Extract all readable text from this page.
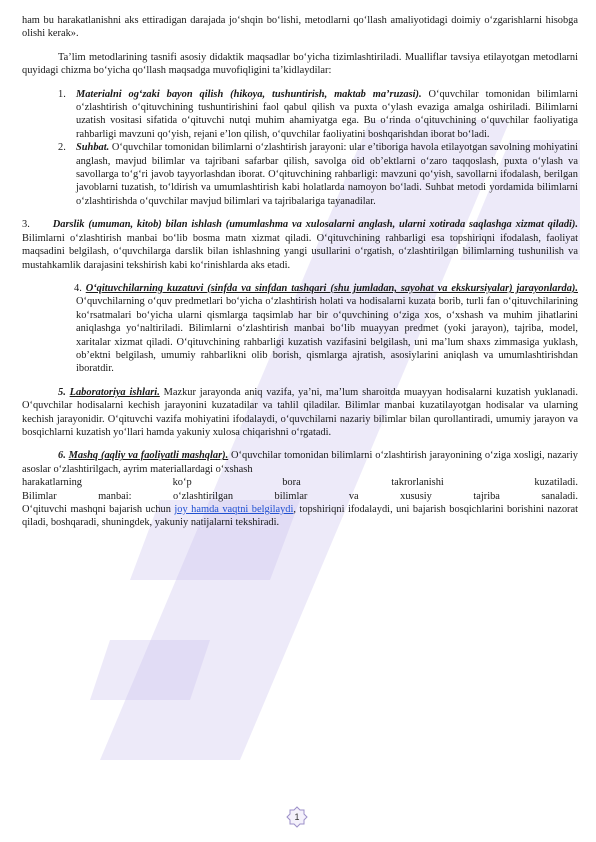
ham bu harakatlanishni aks ettiradigan darajada jo‘shqin bo‘lishi, metodlarni qo‘llash amaliyotidagi doimiy o‘zgarishlarni hisobga olishi kerak».

Ta’lim metodlarining tasnifi asosiy didaktik maqsadlar bo‘yicha tizimlashtiriladi. Mualliflar tavsiya etilayotgan metodlarni quyidagi chizma bo‘yicha qo‘llash maqsadga muvofiqligini ta’kidlaydilar:

1. Materialni og‘zaki bayon qilish (hikoya, tushuntirish, maktab ma’ruzasi). O‘quvchilar tomonidan bilimlarni o‘zlashtirish o‘qituvchining tushuntirishini faol qabul qilish va puxta o‘ylash evaziga amalga oshiriladi. Bilimlarni uzatish vositasi sifatida o‘qituvchi nutqi muhim ahamiyatga ega. Bu o‘rinda o‘qituvchining o‘quvchilar faoliyatiga rahbarligi mavzuni qo‘yish, rejani e’lon qilish, o‘quvchilar faoliyatini boshqarishdan iborat bo‘ladi.
2. Suhbat. O‘quvchilar tomonidan bilimlarni o‘zlashtirish jarayoni: ular e’tiboriga havola etilayotgan savolning mohiyatini anglash, mavjud bilimlar va tajribani safarbar qilish, savolga oid ob’ektlarni o‘zaro taqqoslash, puxta o‘ylash va savollarga to‘g‘ri javob tayyorlashdan iborat. O‘qituvchining rahbarligi: mavzuni qo‘yish, savollarni ifodalash, berilgan javoblarni tuzatish, to‘ldirish va umumlashtirish kabi holatlarda namoyon bo‘ladi. Suhbat metodi yordamida bilimlarni o‘zlashtirishda o‘quvchilar mavjud bilimlari va tajribalariga tayanadilar.

3. Darslik (umuman, kitob) bilan ishlash (umumlashma va xulosalarni anglash, ularni xotirada saqlashga xizmat qiladi). Bilimlarni o‘zlashtirish manbai bo‘lib bosma matn xizmat qiladi. O‘qituvchining rahbarligi esa topshiriqni ifodalash, faoliyat maqsadini belgilash, o‘quvchilarga darslik bilan ishlashning yangi usullarini o‘rgatish, o‘zlashtirilgan bilimlarning tushunilish va mustahkamlik darajasini tekshirish kabi ko‘rinishlarda aks etadi.

4. O‘qituvchilarning kuzatuvi (sinfda va sinfdan tashqari (shu jumladan, sayohat va ekskursiyalar) jarayonlarda). O‘quvchilarning o‘quv predmetlari bo‘yicha o‘zlashtirish holati va hodisalarni kuzata borib, turli fan o‘qituvchilarining ko‘rsatmalari bo‘yicha ularni qismlarga taqsimlab har bir o‘quvchining o‘ziga xos, o‘xshash va muhim jihatlarini aniqlashga yo‘naltiriladi. Bilimlarni o‘zlashtirish manbai bo‘lib muayyan predmet (yoki jarayon), tajriba, model, xaritalar xizmat qiladi. O‘qituvchining rahbarligi kuzatish vazifasini belgilash, uni ma’lum shaxs zimmasiga yuklash, ob’ektni belgilash, umumiy rahbarlikni olib borish, qismlarga ajratish, asosiylarini aniqlash va umumlashtirishdan iboratdir.

5. Laboratoriya ishlari. Mazkur jarayonda aniq vazifa, ya’ni, ma’lum sharoitda muayyan hodisalarni kuzatish yuklanadi. O‘quvchilar hodisalarni kechish jarayonini kuzatadilar va tahlil qiladilar. Bilimlar manbai kuzatilayotgan hodisalar va ularning kechish jarayonidir. O‘qituvchi vazifa mohiyatini ifodalaydi, o‘quvchilarni nazariy bilimlar bilan qurollantiradi, umumiy jarayon va bosqichlarni kuzatish yo‘llari hamda yakuniy xulosa chiqarishni o‘rgatadi.

6. Mashq (aqliy va faoliyatli mashqlar). O‘quvchilar tomonidan bilimlarni o‘zlashtirish jarayonining o‘ziga xosligi, nazariy asoslar o‘zlashtirilgach, ayrim materiallardagi o‘xshash

harakatlarning	ko‘p	bora	takrorlanishi	kuzatiladi.
Bilimlar	manbai:	o‘zlashtirilgan	bilimlar	va	xususiy	tajriba	sanaladi.

O‘qituvchi mashqni bajarish uchun joy hamda vaqtni belgilaydi, topshiriqni ifodalaydi, uni bajarish bosqichlarini borishini nazorat qiladi, boshqaradi, shuningdek, yakuniy natijalarni tekshiradi.

1
